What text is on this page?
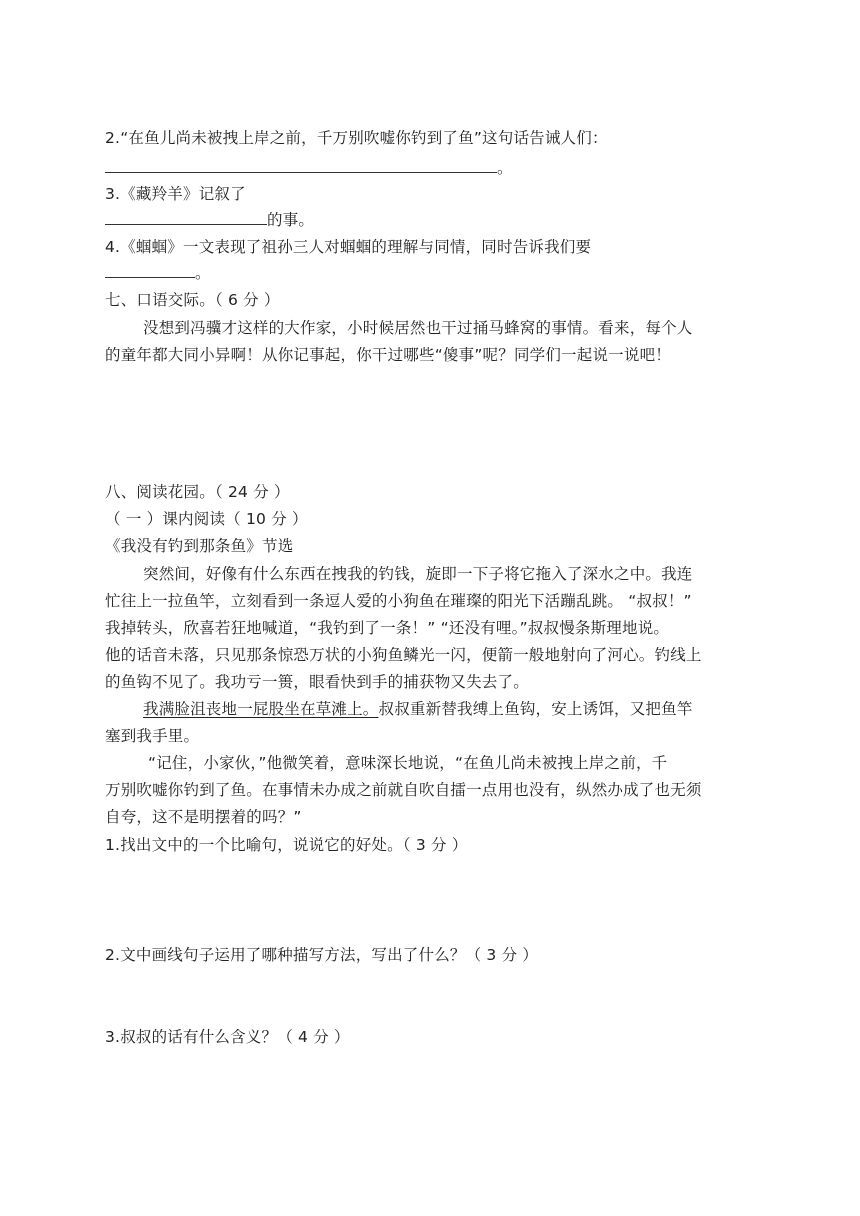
2.“在鱼儿尚未被拽上岸之前，千万别吹嘘你钓到了鱼”这句话告诫人们：
。
3.《藏羚羊》记叙了
的事。
4.《蝈蝈》一文表现了祖孙三人对蝈蝈的理解与同情，同时告诉我们要
。
七、口语交际。（ 6 分 ）
没想到冯骥才这样的大作家，小时候居然也干过捅马蜂窝的事情。看来，每个人
的童年都大同小异啊！从你记事起，你干过哪些“傻事”呢？同学们一起说一说吧！
八、阅读花园。（ 24 分 ）
（ 一 ）课内阅读（ 10 分 ）
《我没有钓到那条鱼》节选
突然间，好像有什么东西在拽我的钓钱，旋即一下子将它拖入了深水之中。我连
忙往上一拉鱼竿，立刻看到一条逗人爱的小狗鱼在璀璨的阳光下活蹦乱跳。 “叔叔！”
我掉转头，欣喜若狂地喊道，“我钓到了一条！” “还没有哩。”叔叔慢条斯理地说。
他的话音未落，只见那条惊恐万状的小狗鱼鳞光一闪，便箭一般地射向了河心。钓线上
的鱼钩不见了。我功亏一篑，眼看快到手的捕获物又失去了。
我满脸沮丧地一屁股坐在草滩上。叔叔重新替我缚上鱼钩，安上诱饵，又把鱼竿
塞到我手里。
“记住，小家伙，”他微笑着，意味深长地说，“在鱼儿尚未被拽上岸之前，千
万别吹嘘你钓到了鱼。在事情未办成之前就自吹自擂一点用也没有，纵然办成了也无须
自夸，这不是明摆着的吗？”
1.找出文中的一个比喻句，说说它的好处。（ 3 分 ）
2.文中画线句子运用了哪种描写方法，写出了什么？（ 3 分 ）
3.叔叔的话有什么含义？（ 4 分 ）
